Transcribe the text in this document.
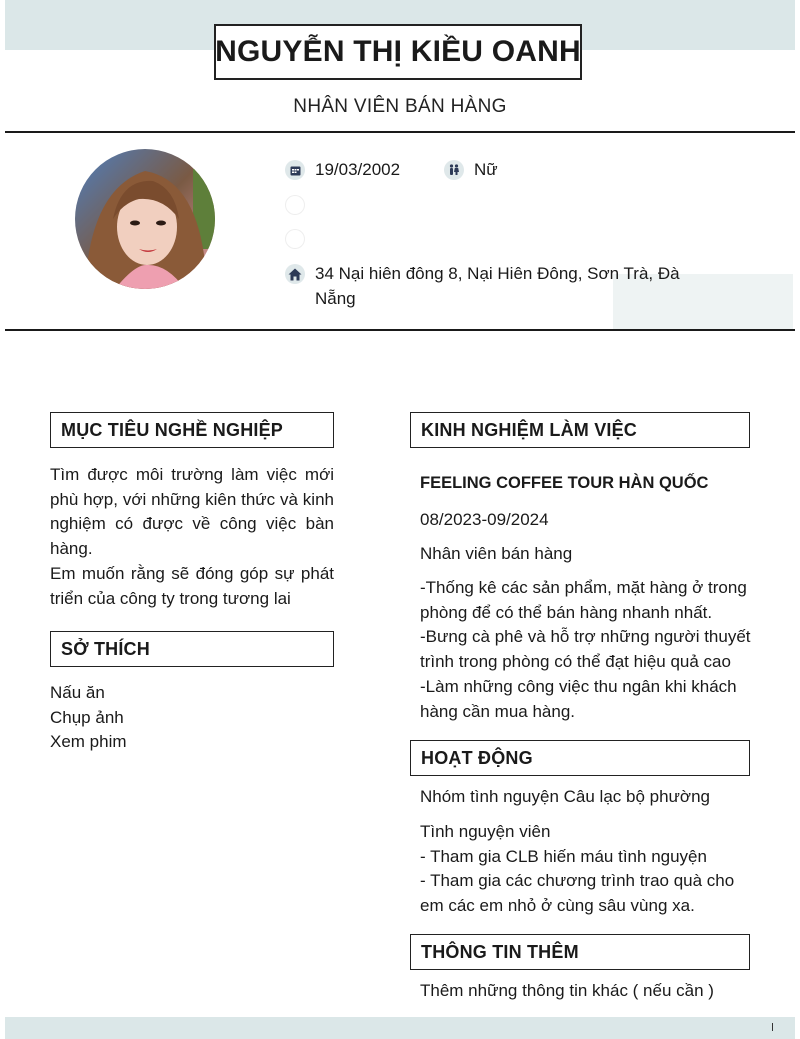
NGUYỄN THỊ KIỀU OANH
NHÂN VIÊN BÁN HÀNG
19/03/2002	Nữ
34 Nại hiên đông 8, Nại Hiên Đông, Sơn Trà, Đà Nẵng
MỤC TIÊU NGHỀ NGHIỆP
Tìm được môi trường làm việc mới phù hợp, với những kiên thức và kinh nghiệm có được về công việc bàn hàng.
Em muốn rằng sẽ đóng góp sự phát triển của công ty trong tương lai
SỞ THÍCH
Nấu ăn
Chụp ảnh
Xem phim
KINH NGHIỆM LÀM VIỆC
FEELING COFFEE TOUR HÀN QUỐC
08/2023-09/2024
Nhân viên bán hàng
-Thống kê các sản phẩm, mặt hàng ở trong phòng để có thể bán hàng nhanh nhất.
-Bưng cà phê và hỗ trợ những người thuyết trình trong phòng có thể đạt hiệu quả cao
-Làm những công việc thu ngân khi khách hàng cần mua hàng.
HOẠT ĐỘNG
Nhóm tình nguyện Câu lạc bộ phường
Tình nguyện viên
- Tham gia CLB hiến máu tình nguyện
- Tham gia các chương trình trao quà cho em các em nhỏ ở cùng sâu vùng xa.
THÔNG TIN THÊM
Thêm những thông tin khác ( nếu cần )
